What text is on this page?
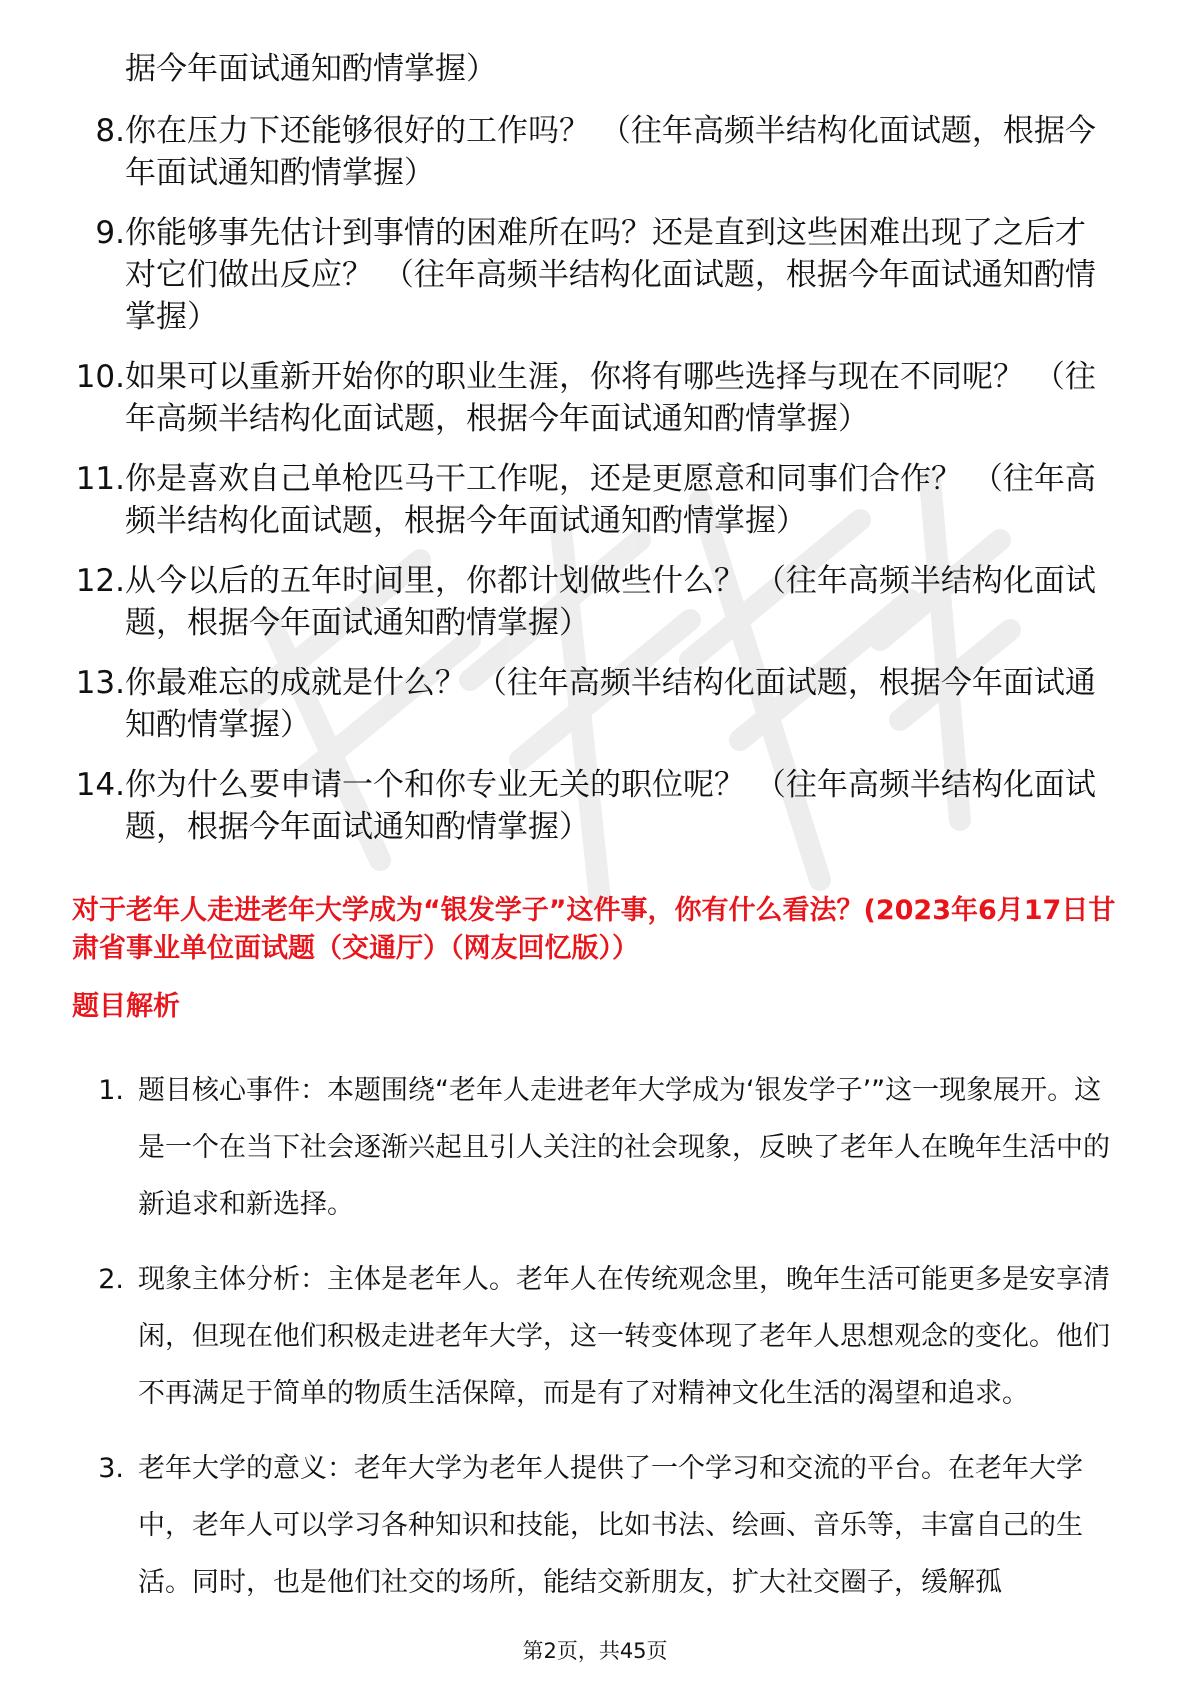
据今年面试通知酌情掌握）
8. 你在压力下还能够很好的工作吗？ （往年高频半结构化面试题，根据今年面试通知酌情掌握）
9. 你能够事先估计到事情的困难所在吗？还是直到这些困难出现了之后才对它们做出反应？ （往年高频半结构化面试题，根据今年面试通知酌情掌握）
10. 如果可以重新开始你的职业生涯，你将有哪些选择与现在不同呢？ （往年高频半结构化面试题，根据今年面试通知酌情掌握）
11. 你是喜欢自己单枪匹马干工作呢，还是更愿意和同事们合作？ （往年高频半结构化面试题，根据今年面试通知酌情掌握）
12. 从今以后的五年时间里，你都计划做些什么？ （往年高频半结构化面试题，根据今年面试通知酌情掌握）
13. 你最难忘的成就是什么？ （往年高频半结构化面试题，根据今年面试通知酌情掌握）
14. 你为什么要申请一个和你专业无关的职位呢？ （往年高频半结构化面试题，根据今年面试通知酌情掌握）
对于老年人走进老年大学成为“银发学子”这件事，你有什么看法？(2023年6月17日甘肃省事业单位面试题（交通厅）（网友回忆版））
题目解析
1. 题目核心事件：本题围绕“老年人走进老年大学成为‘银发学子’”这一现象展开。这是一个在当下社会逐渐兴起且引人关注的社会现象，反映了老年人在晚年生活中的新追求和新选择。
2. 现象主体分析：主体是老年人。老年人在传统观念里，晚年生活可能更多是安享清闲，但现在他们积极走进老年大学，这一转变体现了老年人思想观念的变化。他们不再满足于简单的物质生活保障，而是有了对精神文化生活的渴望和追求。
3. 老年大学的意义：老年大学为老年人提供了一个学习和交流的平台。在老年大学中，老年人可以学习各种知识和技能，比如书法、绘画、音乐等，丰富自己的生活。同时，也是他们社交的场所，能结交新朋友，扩大社交圈子，缓解孤
第2页，共45页
